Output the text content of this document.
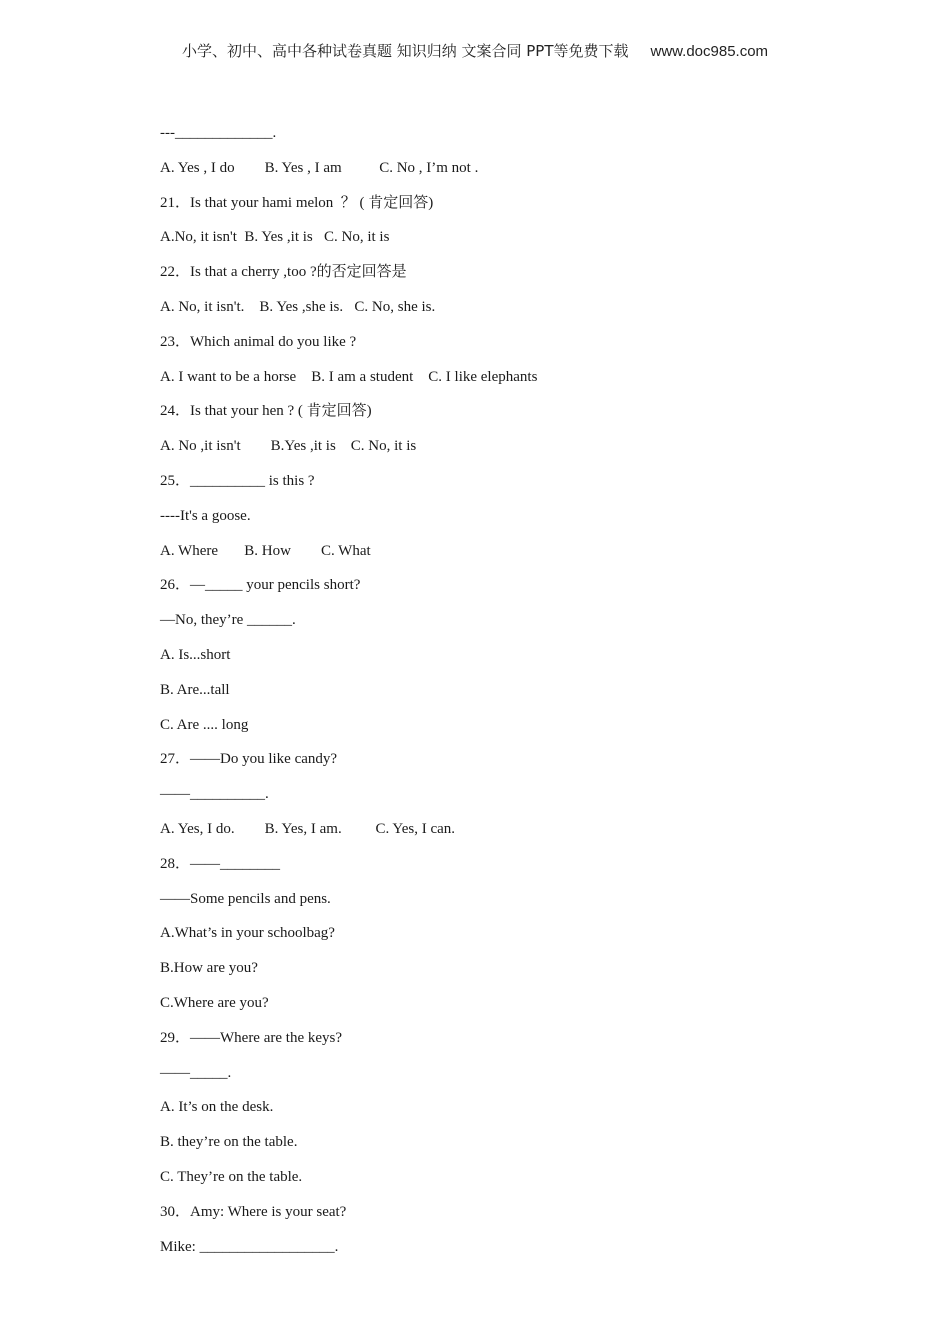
小学、初中、高中各种试卷真题 知识归纳 文案合同 PPT等免费下载 www.doc985.com
---_____________.
A. Yes , I do        B. Yes , I am          C. No , I’m not .
21．Is that your hami melon  ？ ( 肯定回答)
A.No, it isn't  B. Yes ,it is   C. No, it is
22．Is that a cherry ,too ?的否定回答是
A. No, it isn't.    B. Yes ,she is.   C. No, she is.
23．Which animal do you like ?
A. I want to be a horse    B. I am a student    C. I like elephants
24．Is that your hen ? ( 肯定回答)
A. No ,it isn't        B.Yes ,it is    C. No, it is
25．__________ is this ?
----It's a goose.
A. Where       B. How        C. What
26．—_____ your pencils short?
—No, they’re ______.
A. Is...short
B. Are...tall
C. Are .... long
27．——Do you like candy?
——__________.
A. Yes, I do.        B. Yes, I am.         C. Yes, I can.
28．——________
——Some pencils and pens.
A.What’s in your schoolbag?
B.How are you?
C.Where are you?
29．——Where are the keys?
——_____.
A. It’s on the desk.
B. they’re on the table.
C. They’re on the table.
30．Amy: Where is your seat?
Mike: __________________.
